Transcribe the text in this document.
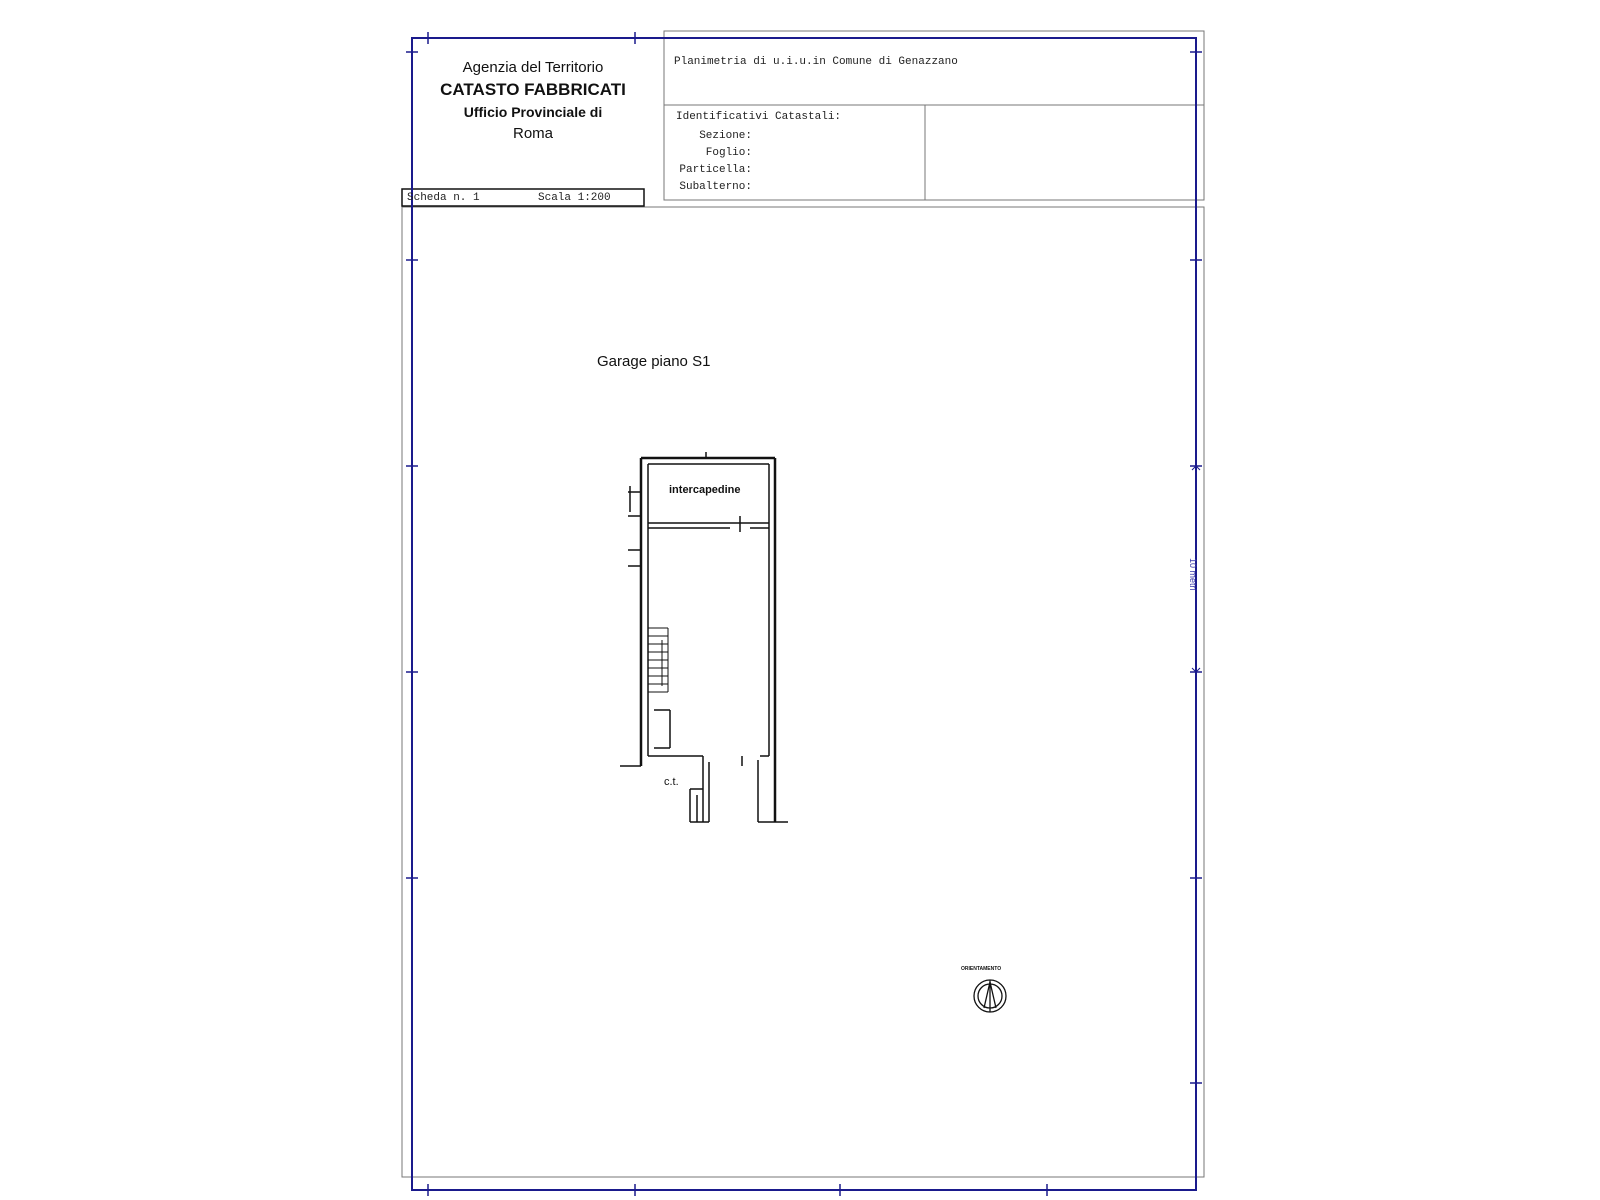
Agenzia del Territorio
CATASTO FABBRICATI
Ufficio Provinciale di
Roma
Planimetria di u.i.u.in Comune di Genazzano
Identificativi Catastali:
Sezione:
Foglio:
Particella:
Subalterno:
Scheda n. 1	Scala 1:200
Garage piano S1
intercapedine
c.t.
ORIENTAMENTO
10 metri
